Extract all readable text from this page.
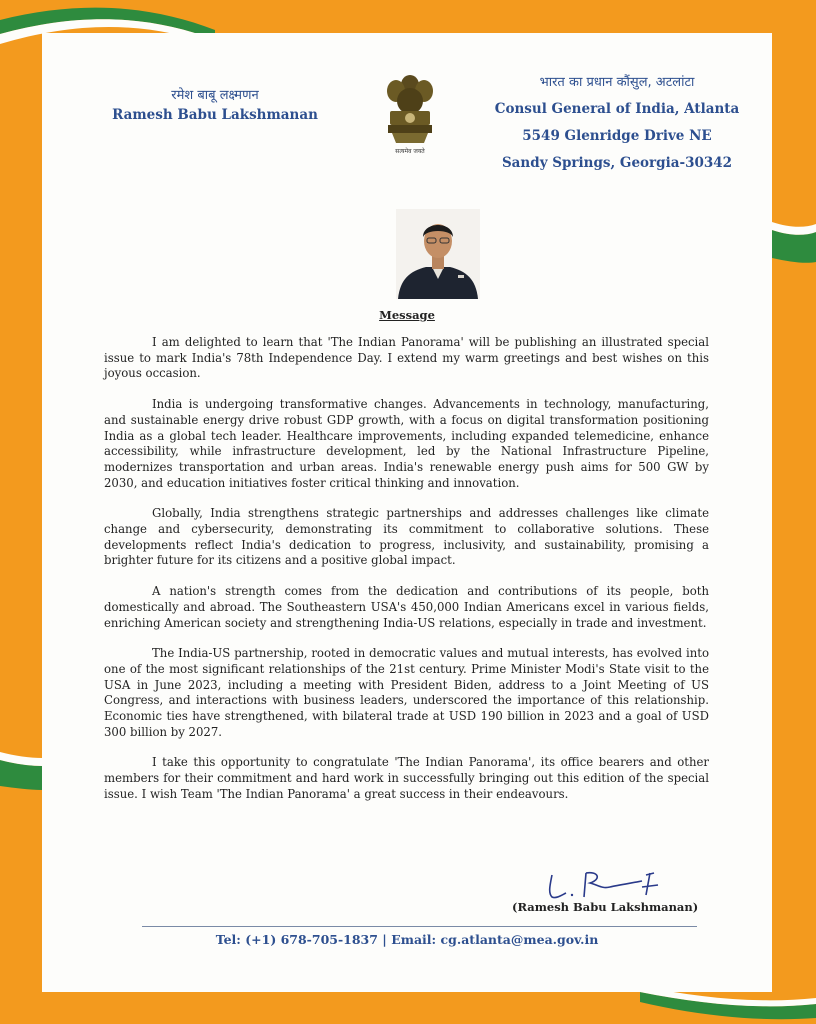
रमेश बाबू लक्ष्मणन
Ramesh Babu Lakshmanan
सत्यमेव जयते
भारत का प्रधान कौंसुल, अटलांटा
Consul General of India, Atlanta
5549 Glenridge Drive NE
Sandy Springs, Georgia-30342
Message

I am delighted to learn that 'The Indian Panorama' will be publishing an illustrated special issue to mark India's 78th Independence Day. I extend my warm greetings and best wishes on this joyous occasion.

India is undergoing transformative changes. Advancements in technology, manufacturing, and sustainable energy drive robust GDP growth, with a focus on digital transformation positioning India as a global tech leader. Healthcare improvements, including expanded telemedicine, enhance accessibility, while infrastructure development, led by the National Infrastructure Pipeline, modernizes transportation and urban areas. India's renewable energy push aims for 500 GW by 2030, and education initiatives foster critical thinking and innovation.

Globally, India strengthens strategic partnerships and addresses challenges like climate change and cybersecurity, demonstrating its commitment to collaborative solutions. These developments reflect India's dedication to progress, inclusivity, and sustainability, promising a brighter future for its citizens and a positive global impact.

A nation's strength comes from the dedication and contributions of its people, both domestically and abroad. The Southeastern USA's 450,000 Indian Americans excel in various fields, enriching American society and strengthening India-US relations, especially in trade and investment.

The India-US partnership, rooted in democratic values and mutual interests, has evolved into one of the most significant relationships of the 21st century. Prime Minister Modi's State visit to the USA in June 2023, including a meeting with President Biden, address to a Joint Meeting of US Congress, and interactions with business leaders, underscored the importance of this relationship. Economic ties have strengthened, with bilateral trade at USD 190 billion in 2023 and a goal of USD 300 billion by 2027.

I take this opportunity to congratulate 'The Indian Panorama', its office bearers and other members for their commitment and hard work in successfully bringing out this edition of the special issue. I wish Team 'The Indian Panorama' a great success in their endeavours.

(Ramesh Babu Lakshmanan)
Tel: (+1) 678-705-1837 | Email: cg.atlanta@mea.gov.in
